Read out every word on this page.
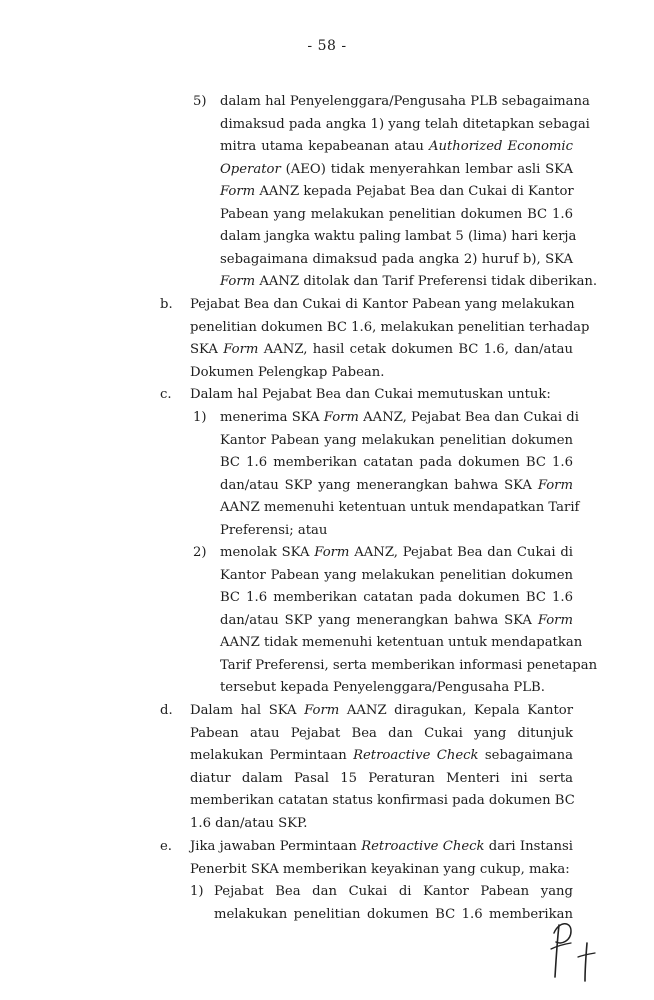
- 58 -
5) dalam hal Penyelenggara/Pengusaha PLB sebagaimana
dimaksud pada angka 1) yang telah ditetapkan sebagai
mitra utama kepabeanan atau Authorized Economic
Operator (AEO) tidak menyerahkan lembar asli SKA
Form AANZ kepada Pejabat Bea dan Cukai di Kantor
Pabean yang melakukan penelitian dokumen BC 1.6
dalam jangka waktu paling lambat 5 (lima) hari kerja
sebagaimana dimaksud pada angka 2) huruf b), SKA
Form AANZ ditolak dan Tarif Preferensi tidak diberikan.
b. Pejabat Bea dan Cukai di Kantor Pabean yang melakukan
penelitian dokumen BC 1.6, melakukan penelitian terhadap
SKA Form AANZ, hasil cetak dokumen BC 1.6, dan/atau
Dokumen Pelengkap Pabean.
c. Dalam hal Pejabat Bea dan Cukai memutuskan untuk:
1) menerima SKA Form AANZ, Pejabat Bea dan Cukai di
Kantor Pabean yang melakukan penelitian dokumen
BC 1.6 memberikan catatan pada dokumen BC 1.6
dan/atau SKP yang menerangkan bahwa SKA Form
AANZ memenuhi ketentuan untuk mendapatkan Tarif
Preferensi; atau
2) menolak SKA Form AANZ, Pejabat Bea dan Cukai di
Kantor Pabean yang melakukan penelitian dokumen
BC 1.6 memberikan catatan pada dokumen BC 1.6
dan/atau SKP yang menerangkan bahwa SKA Form
AANZ tidak memenuhi ketentuan untuk mendapatkan
Tarif Preferensi, serta memberikan informasi penetapan
tersebut kepada Penyelenggara/Pengusaha PLB.
d. Dalam hal SKA Form AANZ diragukan, Kepala Kantor
Pabean atau Pejabat Bea dan Cukai yang ditunjuk
melakukan Permintaan Retroactive Check sebagaimana
diatur dalam Pasal 15 Peraturan Menteri ini serta
memberikan catatan status konfirmasi pada dokumen BC
1.6 dan/atau SKP.
e. Jika jawaban Permintaan Retroactive Check dari Instansi
Penerbit SKA memberikan keyakinan yang cukup, maka:
1) Pejabat Bea dan Cukai di Kantor Pabean yang
melakukan penelitian dokumen BC 1.6 memberikan
